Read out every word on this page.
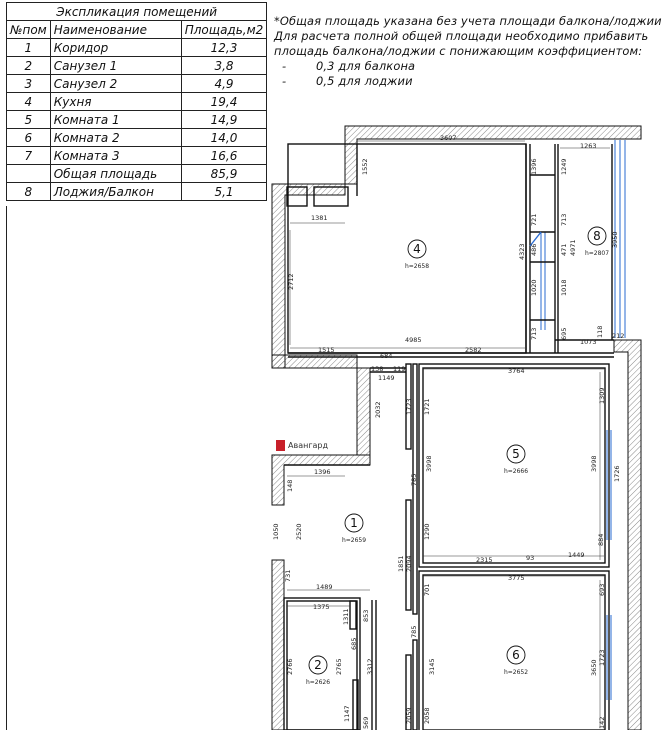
Экспликация помещений		
№пом	Наименование	Площадь,м2
1	Коридор	12,3
2	Санузел 1	3,8
3	Санузел 2	4,9
4	Кухня	19,4
5	Комната 1	14,9
6	Комната 2	14,0
7	Комната 3	16,6
	Общая площадь	85,9
8	Лоджия/Балкон	5,1
*Общая площадь указана без учета площади балкона/лоджии
Для расчета полной общей площади необходимо прибавить
площадь балкона/лоджии с понижающим коэффициентом:
-	0,3 для балкона
-	0,5 для лоджии
3607
1263
1552	1396	1249
1381	721	713
4323 486	471 4971	3950
2712	1020	1018
713	695
1073
118 212
4985
1515
684
2582
138 119
1149
3764
1723 1721
2032
1309
3998	3998
1726
1396
148	785
1290
2520
1050	884
1851 2094	2315	93	1449
731
1489
3775
701	693
1375
1311 853
785
685
2766	2765	3312	3145
1723
3650
1147
569	2059 2058	142
4
h=2658
8
h=2807
5
h=2666
1
h=2659
6
h=2652
2
h=2626
Авангард
